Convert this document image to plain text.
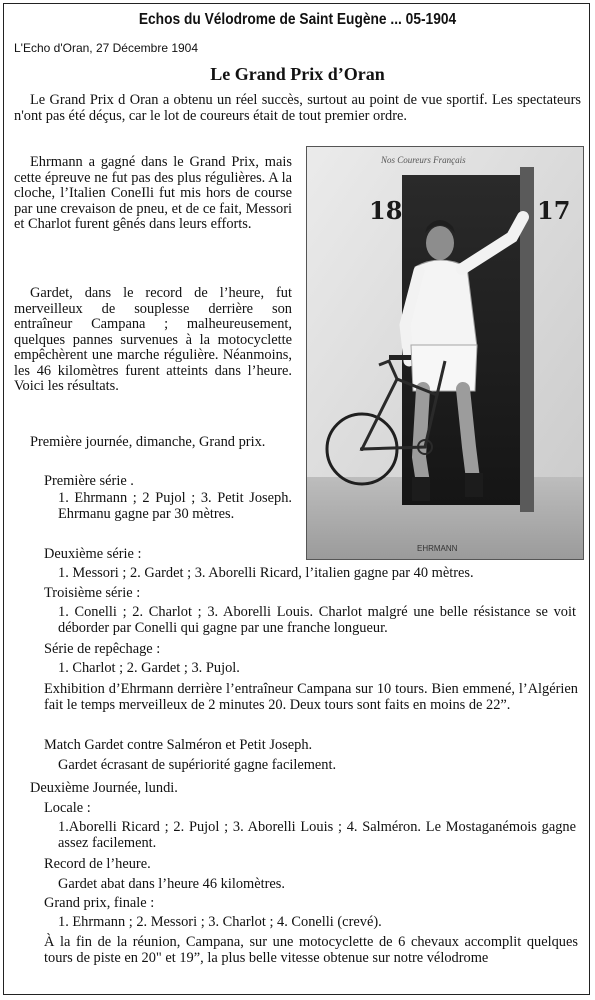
Echos du Vélodrome de Saint Eugène ... 05-1904
L'Echo d'Oran, 27 Décembre 1904
Le Grand Prix d’Oran

Le Grand Prix d Oran a obtenu un réel succès, surtout au point de vue sportif. Les spectateurs n'ont pas été déçus, car le lot de coureurs était de tout premier ordre.

Ehrmann a gagné dans le Grand Prix, mais cette épreuve ne fut pas des plus régulières. A la cloche, l’Italien ConeIli fut mis hors de course par une crevaison de pneu, et de ce fait, Messori et Charlot furent gênés dans leurs efforts.

Gardet, dans le record de l’heure, fut merveilleux de souplesse derrière son entraîneur Campana ; malheureusement, quelques pannes survenues à la motocyclette empêchèrent une marche régulière. Néanmoins, les 46 kilomètres furent atteints dans l’heure. Voici les résultats.

Première journée, dimanche, Grand prix.

Première série .
1. Ehrmann ; 2 Pujol ; 3. Petit Joseph. Ehrmanu gagne par 30 mètres.
Deuxième série :
1. Messori ; 2. Gardet ; 3. Aborelli Ricard, l’italien gagne par 40 mètres.
Troisième série :
1. Conelli ; 2. Charlot ; 3. Aborelli Louis. Charlot malgré une belle résistance se voit déborder par Conelli qui gagne par une franche longueur.
Série de repêchage :
1. Charlot ; 2. Gardet ; 3. Pujol.
Exhibition d’Ehrmann derrière l’entraîneur Campana sur 10 tours. Bien emmené, l’Algérien fait le temps merveilleux de 2 minutes 20. Deux tours sont faits en moins de 22”.
Match Gardet contre Salméron et Petit Joseph.
Gardet écrasant de supériorité gagne facilement.
Deuxième Journée, lundi.
Locale :
1.Aborelli Ricard ; 2. Pujol ; 3. Aborelli Louis ; 4. Salméron. Le Mostaganémois gagne assez facilement.
Record de l’heure.
Gardet abat dans l’heure 46 kilomètres.
Grand prix, finale :
1. Ehrmann ; 2. Messori ; 3. Charlot ; 4. Conelli (crevé).
À la fin de la réunion, Campana, sur une motocyclette de 6 chevaux accomplit quelques tours de piste en 20" et 19”, la plus belle vitesse obtenue sur notre vélodrome
Nos Coureurs Français
18	17
EHRMANN
